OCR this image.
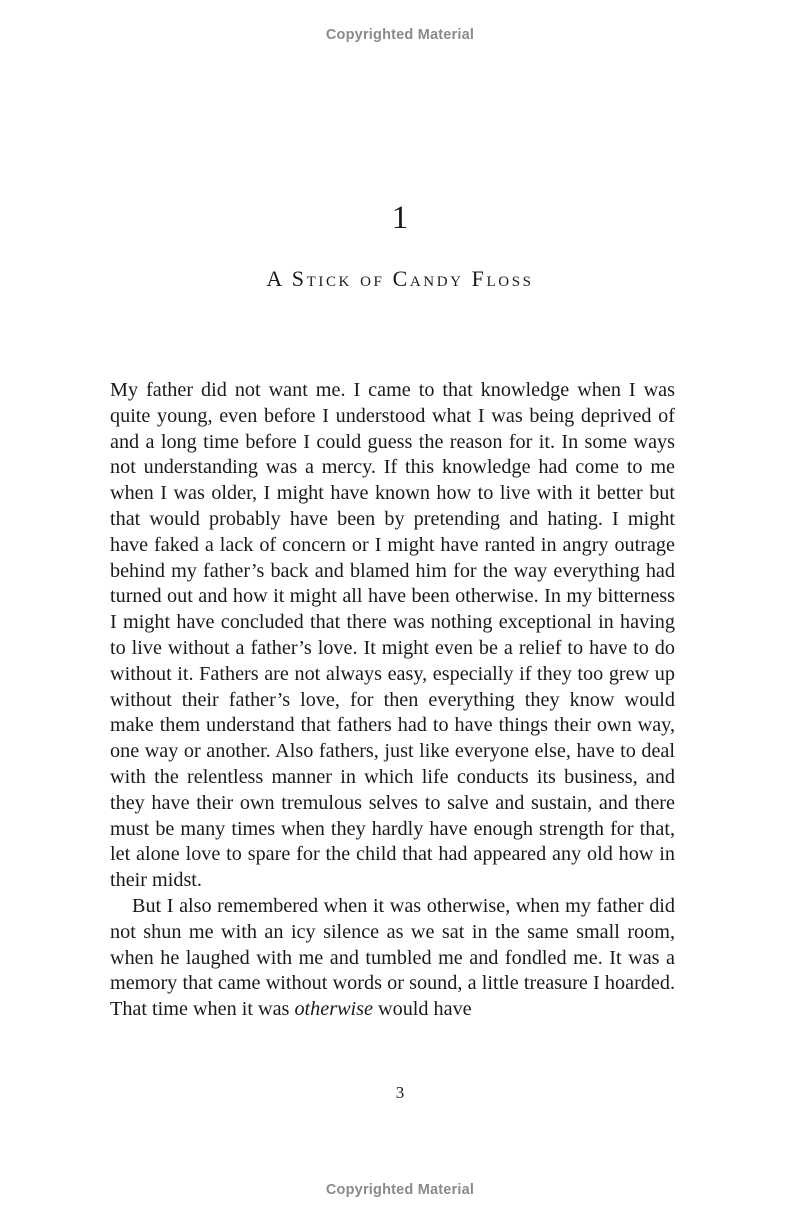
Copyrighted Material
1
A Stick of Candy Floss

My father did not want me. I came to that knowledge when I was quite young, even before I understood what I was being deprived of and a long time before I could guess the reason for it. In some ways not understanding was a mercy. If this knowledge had come to me when I was older, I might have known how to live with it better but that would probably have been by pretending and hating. I might have faked a lack of concern or I might have ranted in angry outrage behind my father’s back and blamed him for the way everything had turned out and how it might all have been otherwise. In my bitterness I might have concluded that there was nothing exceptional in having to live without a father’s love. It might even be a relief to have to do without it. Fathers are not always easy, especially if they too grew up without their father’s love, for then everything they know would make them understand that fathers had to have things their own way, one way or another. Also fathers, just like everyone else, have to deal with the relentless manner in which life conducts its business, and they have their own tremulous selves to salve and sustain, and there must be many times when they hardly have enough strength for that, let alone love to spare for the child that had appeared any old how in their midst.

But I also remembered when it was otherwise, when my father did not shun me with an icy silence as we sat in the same small room, when he laughed with me and tumbled me and fondled me. It was a memory that came without words or sound, a little treasure I hoarded. That time when it was otherwise would have

3
Copyrighted Material
